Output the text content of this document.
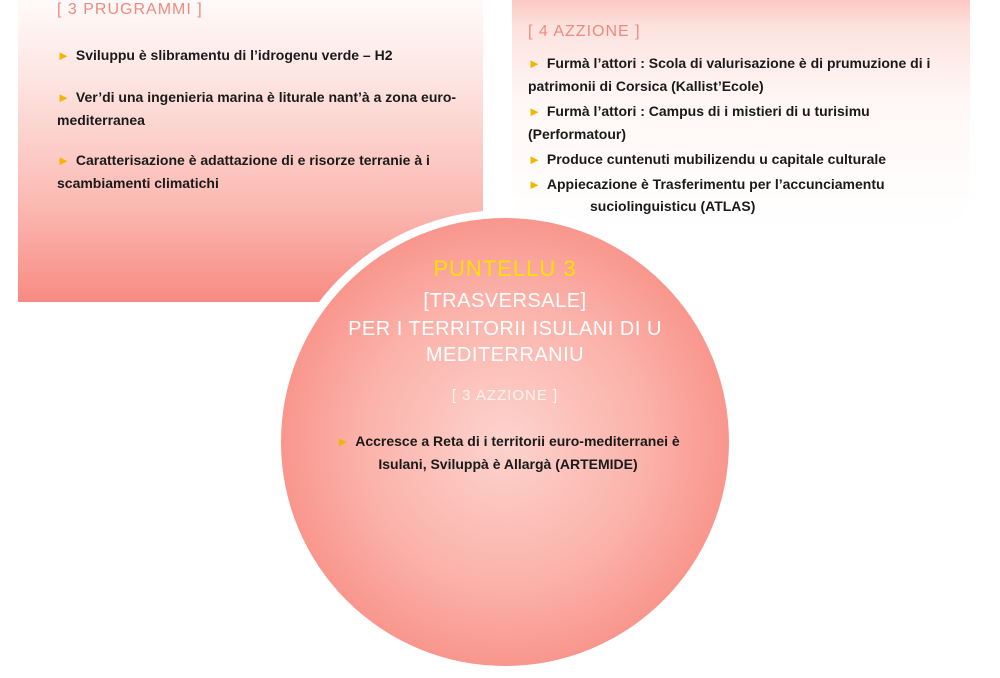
[ 3 PRUGRAMMI ]
► Sviluppu è slibramentu di l’idrogenu verde – H2
► Ver’di una ingenieria marina è liturale nant’à a zona euro-mediterranea
► Caratterisazione è adattazione di e risorze terranie à i scambiamenti climatichi
[ 4 AZZIONE ]
► Furmà l’attori : Scola di valurisazione è di prumuzione di i patrimonii di Corsica (Kallist’Ecole)
► Furmà l’attori : Campus di i mistieri di u turisimu (Performatour)
► Produce cuntenuti mubilizendu u capitale culturale
► Appiecazione è Trasferimentu per l’accunciamentu
suciolinguisticu (ATLAS)
PUNTELLU 3
[TRASVERSALE]
PER I TERRITORII ISULANI DI U
MEDITERRANIU
[ 3 AZZIONE ]
► Accresce a Reta di i territorii euro-mediterranei è Isulani, Sviluppà è Allargà (ARTEMIDE)
